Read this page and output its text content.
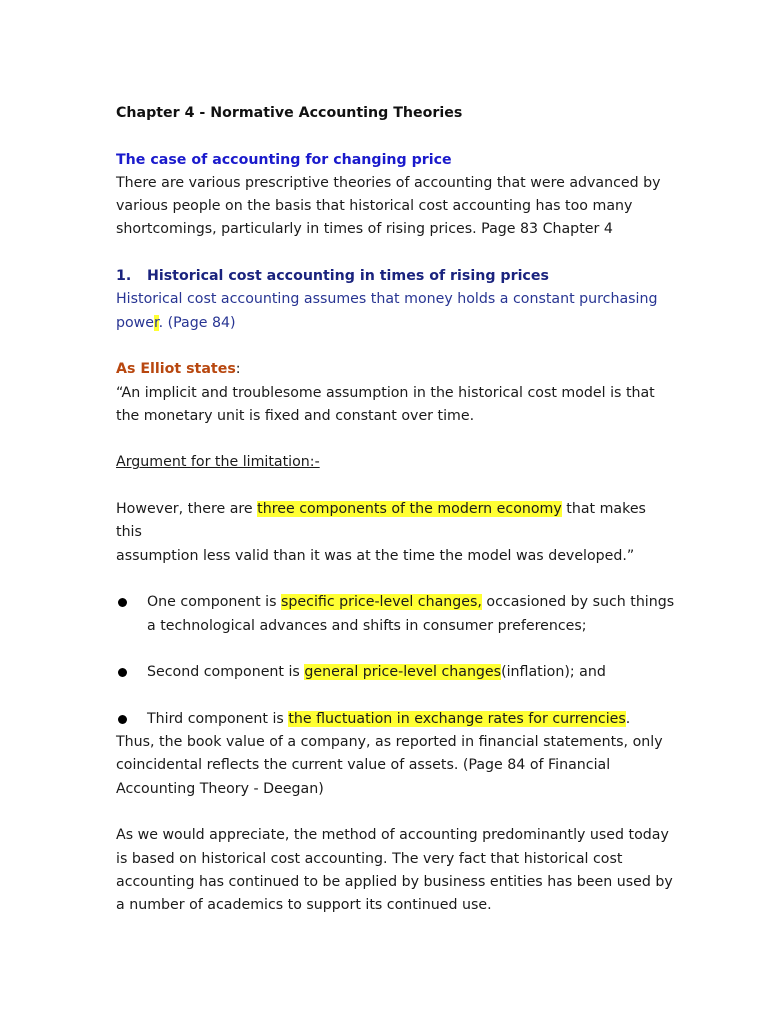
Chapter 4 - Normative Accounting Theories

The case of accounting for changing price

There are various prescriptive theories of accounting that were advanced by

various people on the basis that historical cost accounting has too many

shortcomings, particularly in times of rising prices. Page 83 Chapter 4

1. Historical cost accounting in times of rising prices

Historical cost accounting assumes that money holds a constant purchasing

power. (Page 84)

As Elliot states:

“An implicit and troublesome assumption in the historical cost model is that

the monetary unit is fixed and constant over time.

Argument for the limitation:-

However, there are three components of the modern economy that makes this

assumption less valid than it was at the time the model was developed.”

One component is specific price-level changes, occasioned by such things

a technological advances and shifts in consumer preferences;

Second component is general price-level changes(inflation); and

Third component is the fluctuation in exchange rates for currencies.

Thus, the book value of a company, as reported in financial statements, only

coincidental reflects the current value of assets. (Page 84 of Financial

Accounting Theory - Deegan)

As we would appreciate, the method of accounting predominantly used today

is based on historical cost accounting. The very fact that historical cost

accounting has continued to be applied by business entities has been used by

a number of academics to support its continued use.
